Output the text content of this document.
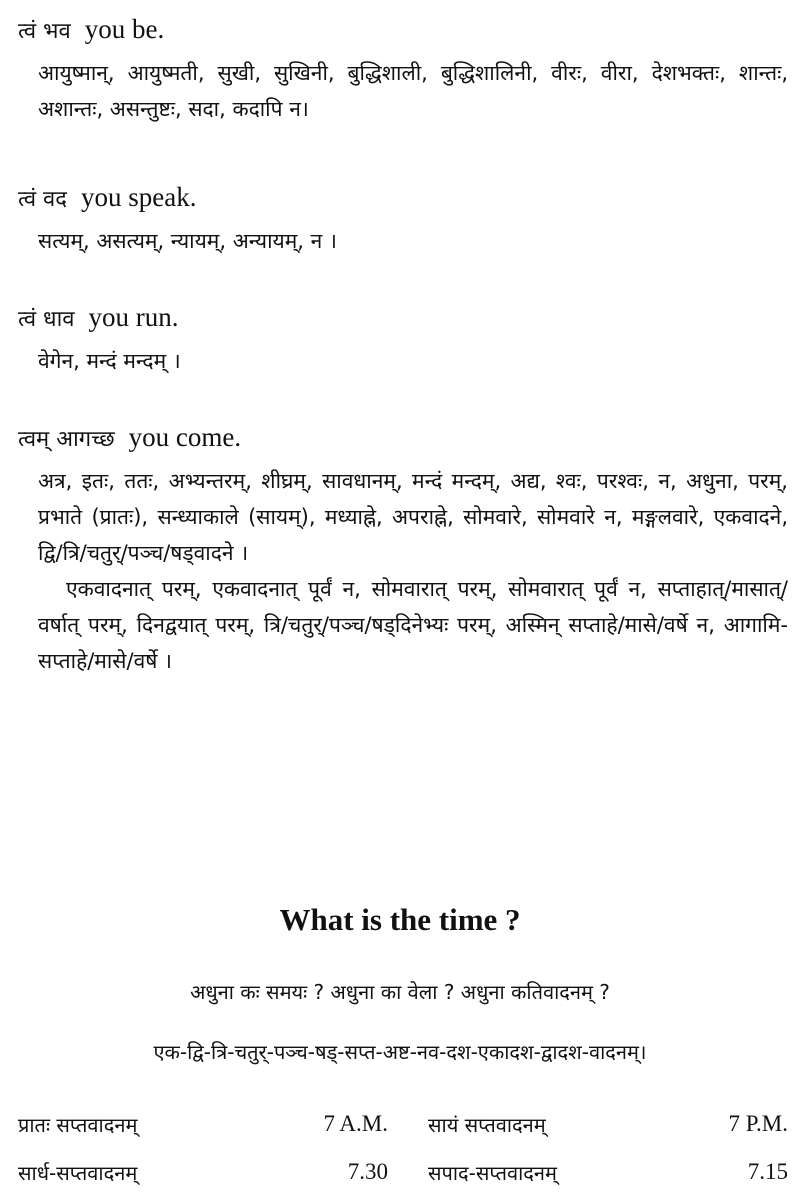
त्वं भव you be.

आयुष्मान्, आयुष्मती, सुखी, सुखिनी, बुद्धिशाली, बुद्धिशालिनी, वीरः, वीरा, देशभक्तः, शान्तः, अशान्तः, असन्तुष्टः, सदा, कदापि न।

त्वं वद you speak.

सत्यम्, असत्यम्, न्यायम्, अन्यायम्, न ।

त्वं धाव you run.

वेगेन, मन्दं मन्दम् ।

त्वम् आगच्छ you come.

अत्र, इतः, ततः, अभ्यन्तरम्, शीघ्रम्, सावधानम्, मन्दं मन्दम्, अद्य, श्वः, परश्वः, न, अधुना, परम्, प्रभाते (प्रातः), सन्ध्याकाले (सायम्), मध्याह्ने, अपराह्ने, सोमवारे, सोमवारे न, मङ्गलवारे, एकवादने, द्वि/त्रि/चतुर्/पञ्च/षड्वादने ।

एकवादनात् परम्, एकवादनात् पूर्वं न, सोमवारात् परम्, सोमवारात् पूर्वं न, सप्ताहात्/मासात्/वर्षात् परम्, दिनद्वयात् परम्, त्रि/चतुर्/पञ्च/षड्दिनेभ्यः परम्, अस्मिन् सप्ताहे/मासे/वर्षे न, आगामि-सप्ताहे/मासे/वर्षे ।

What is the time ?
अधुना कः समयः ? अधुना का वेला ? अधुना कतिवादनम् ?
एक-द्वि-त्रि-चतुर्-पञ्च-षड्-सप्त-अष्ट-नव-दश-एकादश-द्वादश-वादनम्।
प्रातः सप्तवादनम्	7 A.M.		सायं सप्तवादनम्	7 P.M.
सार्ध-सप्तवादनम्	7.30		सपाद-सप्तवादनम्	7.15
